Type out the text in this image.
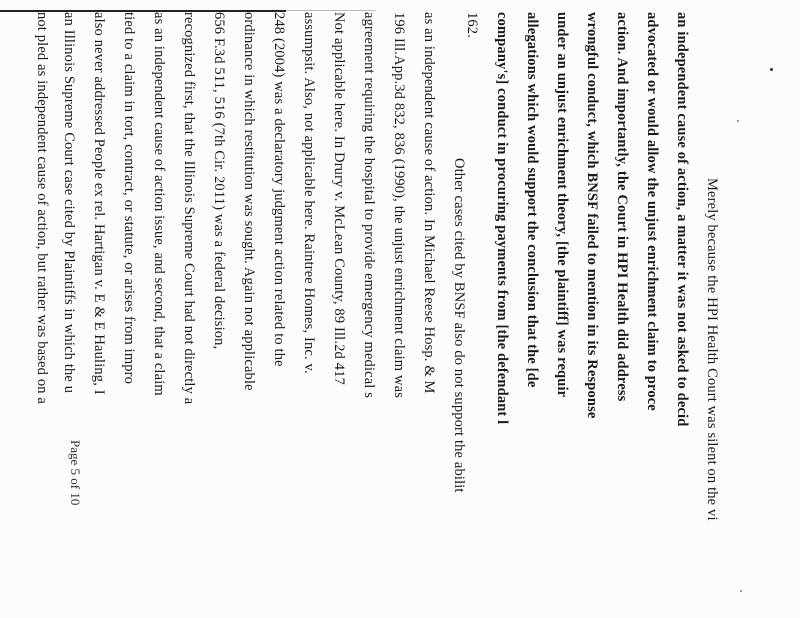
Merely because the HPI Health Court was silent on the vi
an independent cause of action, a matter it was not asked to decid
advocated or would allow the unjust enrichment claim to proce
action. And importantly, the Court in HPI Health did address
wrongful conduct, which BNSF failed to mention in its Response
under an unjust enrichment theory, [the plaintiff] was requir
allegations which would support the conclusion that the [de
company's] conduct in procuring payments from [the defendant l
162.
Other cases cited by BNSF also do not support the abilit
as an independent cause of action. In Michael Reese Hosp. & M
196 Ill.App.3d 832, 836 (1990), the unjust enrichment claim was
agreement requiring the hospital to provide emergency medical s
Not applicable here. In Drury v. McLean County, 89 Ill.2d 417
assumpsit. Also, not applicable here. Raintree Homes, Inc. v.
248 (2004) was a declaratory judgment action related to the
ordinance in which restitution was sought. Again not applicable
656 F.3d 511, 516 (7th Cir. 2011) was a federal decision,
recognized first, that the Illinois Supreme Court had not directly a
as an independent cause of action issue, and second, that a claim
tied to a claim in tort, contract, or statute, or arises from impro
also never addressed People ex rel. Hartigan v. E & E Hauling, I
an Illinois Supreme Court case cited by Plaintiffs in which the u
not pled as independent cause of action, but rather was based on a
Page 5 of 10
